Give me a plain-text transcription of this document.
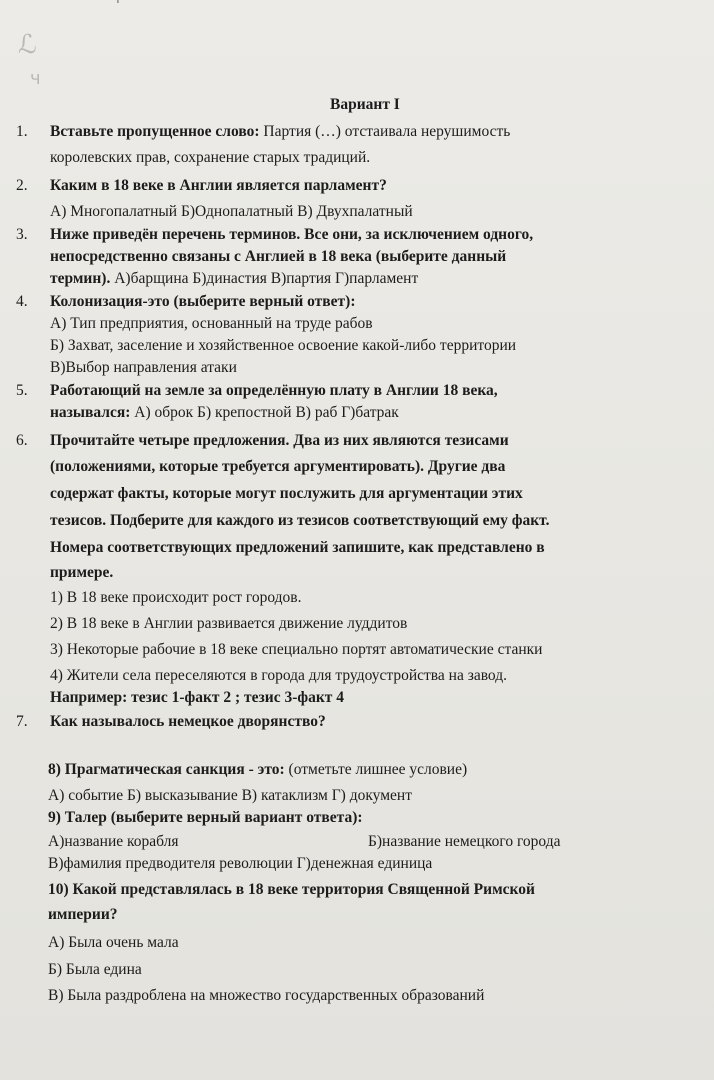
ˈ
ℒ
ч
Вариант I
1. Вставьте пропущенное слово: Партия (…) отстаивала нерушимость
королевских прав, сохранение старых традиций.
2. Каким в 18 веке в Англии является парламент?
А) Многопалатный Б)Однопалатный В) Двухпалатный
3. Ниже приведён перечень терминов. Все они, за исключением одного,
непосредственно связаны с Англией в 18 века (выберите данный
термин). А)барщина Б)династия В)партия Г)парламент
4. Колонизация-это (выберите верный ответ):
А) Тип предприятия, основанный на труде рабов
Б) Захват, заселение и хозяйственное освоение какой-либо территории
В)Выбор направления атаки
5. Работающий на земле за определённую плату в Англии 18 века,
назывался: А) оброк Б) крепостной В) раб Г)батрак
6. Прочитайте четыре предложения. Два из них являются тезисами
(положениями, которые требуется аргументировать). Другие два
содержат факты, которые могут послужить для аргументации этих
тезисов. Подберите для каждого из тезисов соответствующий ему факт.
Номера соответствующих предложений запишите, как представлено в
примере.
1) В 18 веке происходит рост городов.
2) В 18 веке в Англии развивается движение луддитов
3) Некоторые рабочие в 18 веке специально портят автоматические станки
4) Жители села переселяются в города для трудоустройства на завод.
Например: тезис 1-факт 2 ; тезис 3-факт 4
7. Как называлось немецкое дворянство?
8) Прагматическая санкция - это: (отметьте лишнее условие)
А) событие Б) высказывание В) катаклизм Г) документ
9) Талер (выберите верный вариант ответа):
А)название корабля	Б)название немецкого города
В)фамилия предводителя революции Г)денежная единица
10) Какой представлялась в 18 веке территория Священной Римской
империи?
А) Была очень мала
Б) Была едина
В) Была раздроблена на множество государственных образований
